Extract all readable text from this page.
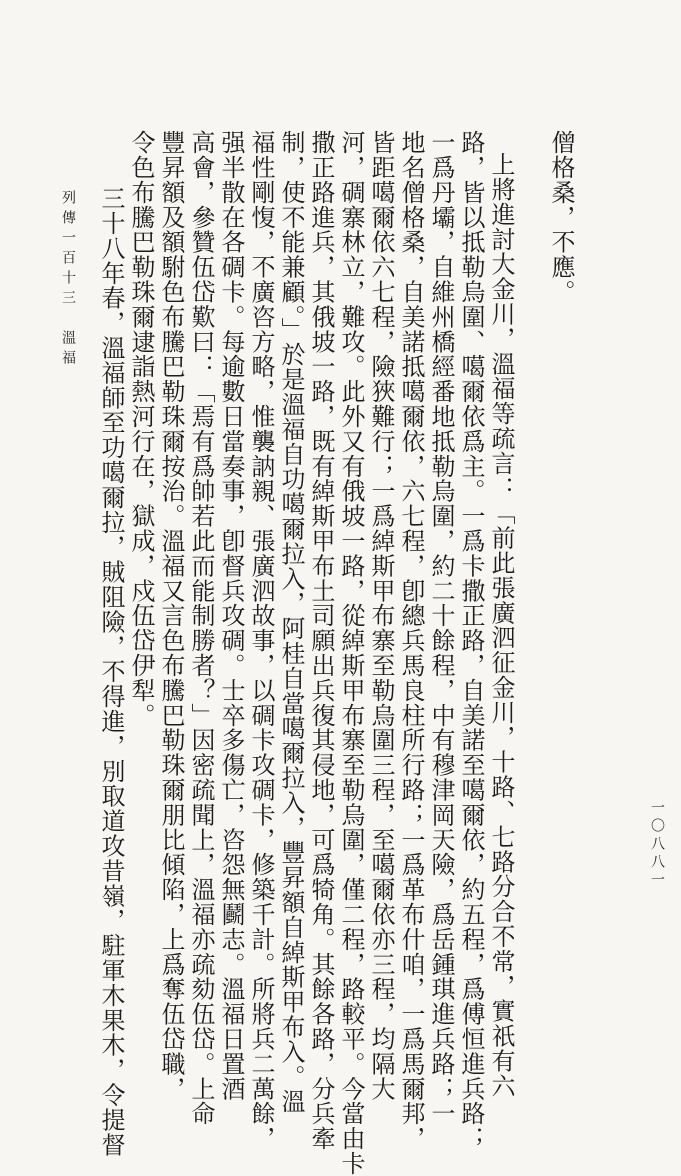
僧格桑，不應。
上將進討大金川，溫福等疏言：「前此張廣泗征金川，十路、七路分合不常，實祇有六
路，皆以抵勒烏圍、噶爾依爲主。一爲卡撒正路，自美諾至噶爾依，約五程，爲傅恒進兵路；
一爲丹壩，自維州橋經番地抵勒烏圍，約二十餘程，中有穆津岡天險，爲岳鍾琪進兵路；一
地名僧格桑，自美諾抵噶爾依，六七程，卽總兵馬良柱所行路；一爲革布什咱，一爲馬爾邦，
皆距噶爾依六七程，險狹難行；一爲綽斯甲布寨至勒烏圍三程，至噶爾依亦三程，均隔大
河，碉寨林立，難攻。此外又有俄坡一路，從綽斯甲布寨至勒烏圍，僅二程，路較平。今當由卡
撒正路進兵，其俄坡一路，既有綽斯甲布土司願出兵復其侵地，可爲犄角。其餘各路，分兵牽
制，使不能兼顧。」於是溫福自功噶爾拉入，阿桂自當噶爾拉入，豐昇額自綽斯甲布入。溫
福性剛愎，不廣咨方略，惟襲訥親、張廣泗故事，以碉卡攻碉卡，修築千計。所將兵二萬餘，
强半散在各碉卡。每逾數日當奏事，卽督兵攻碉。士卒多傷亡，咨怨無鬬志。溫福日置酒
高會，參贊伍岱歎曰：「焉有爲帥若此而能制勝者？」因密疏聞上，溫福亦疏劾伍岱。上命
豐昇額及額駙色布騰巴勒珠爾按治。溫福又言色布騰巴勒珠爾朋比傾陷，上爲奪伍岱職，
令色布騰巴勒珠爾逮詣熱河行在，獄成，戍伍岱伊犁。
三十八年春，溫福師至功噶爾拉，賊阻險，不得進，別取道攻昔嶺，駐軍木果木，令提督
列傳一百十三　溫福
一〇八八一
